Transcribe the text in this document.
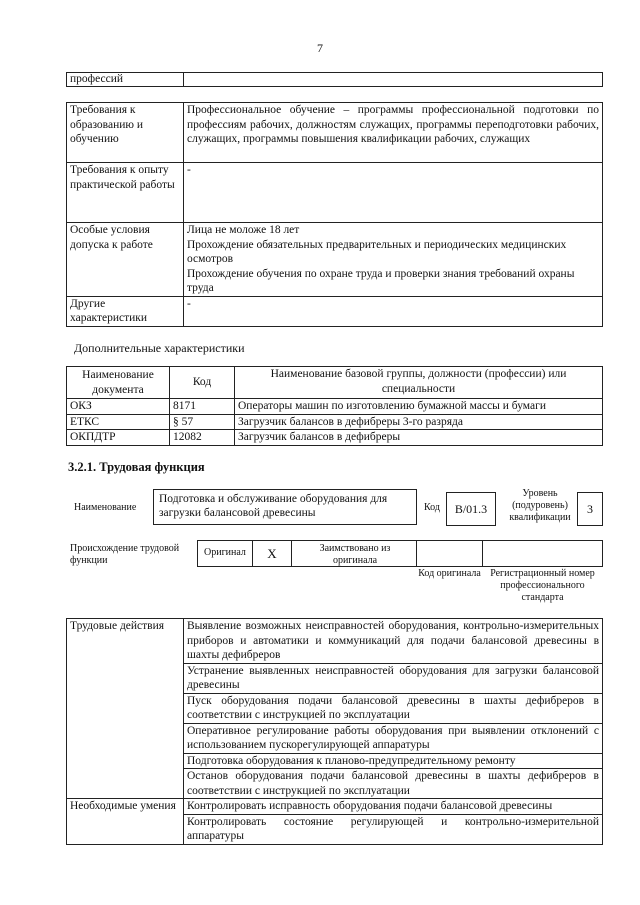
7
профессий	
Требования к образованию и обучению	Профессиональное обучение – программы профессиональной подготовки по профессиям рабочих, должностям служащих, программы переподготовки рабочих, служащих, программы повышения квалификации рабочих, служащих
Требования к опыту практической работы	-
Особые условия допуска к работе	Лица не моложе 18 лет
Прохождение обязательных предварительных и периодических медицинских осмотров
Прохождение обучения по охране труда и проверки знания требований охраны труда

Другие характеристики	-
Дополнительные характеристики
Наименование документа	Код	Наименование базовой группы, должности (профессии) или специальности
ОКЗ	8171	Операторы машин по изготовлению бумажной массы и бумаги
ЕТКС	§ 57	Загрузчик балансов в дефибреры 3-го разряда
ОКПДТР	12082	Загрузчик балансов в дефибреры
3.2.1. Трудовая функция
Наименование
Подготовка и обслуживание оборудования для загрузки балансовой древесины	Код В/01.3
Уровень (подуровень) квалификации
3
Происхождение трудовой функции
Оригинал X	Заимствовано из оригинала
Код оригинала Регистрационный номер профессионального стандарта
Трудовые действия	Выявление возможных неисправностей оборудования, контрольно-измерительных приборов и автоматики и коммуникаций для подачи балансовой древесины в шахты дефибреров
	Устранение выявленных неисправностей оборудования для загрузки балансовой древесины
	Пуск оборудования подачи балансовой древесины в шахты дефибреров в соответствии с инструкцией по эксплуатации
	Оперативное регулирование работы оборудования при выявлении отклонений с использованием пускорегулирующей аппаратуры
	Подготовка оборудования к планово-предупредительному ремонту
	Останов оборудования подачи балансовой древесины в шахты дефибреров в соответствии с инструкцией по эксплуатации
Необходимые умения	Контролировать исправность оборудования подачи балансовой древесины
	Контролировать состояние регулирующей и контрольно-измерительной аппаратуры
